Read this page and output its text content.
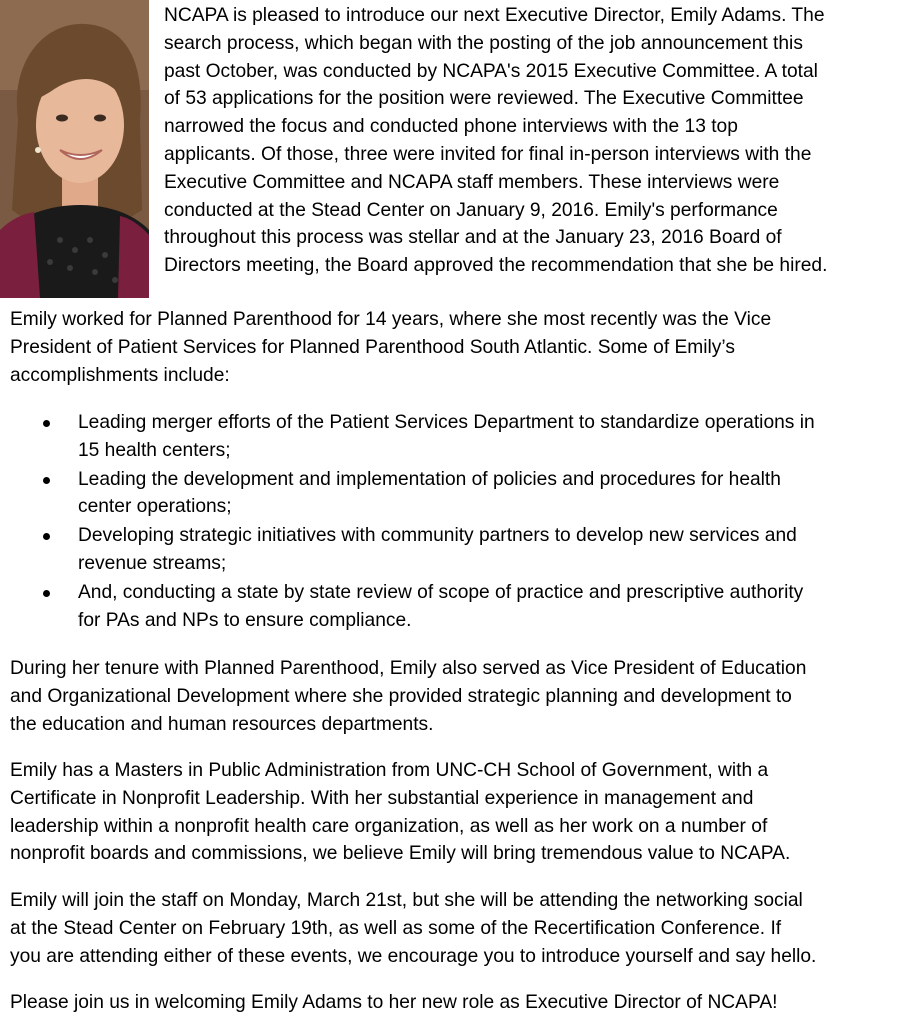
NCAPA is pleased to introduce our next Executive Director, Emily Adams. The
search process, which began with the posting of the job announcement this
past October, was conducted by NCAPA's 2015 Executive Committee. A total
of 53 applications for the position were reviewed. The Executive Committee
narrowed the focus and conducted phone interviews with the 13 top
applicants. Of those, three were invited for final in-person interviews with the
Executive Committee and NCAPA staff members. These interviews were
conducted at the Stead Center on January 9, 2016. Emily's performance
throughout this process was stellar and at the January 23, 2016 Board of
Directors meeting, the Board approved the recommendation that she be hired.

Emily worked for Planned Parenthood for 14 years, where she most recently was the Vice
President of Patient Services for Planned Parenthood South Atlantic. Some of Emily’s
accomplishments include:

Leading merger efforts of the Patient Services Department to standardize operations in
15 health centers;
Leading the development and implementation of policies and procedures for health
center operations;
Developing strategic initiatives with community partners to develop new services and
revenue streams;
And, conducting a state by state review of scope of practice and prescriptive authority
for PAs and NPs to ensure compliance.

During her tenure with Planned Parenthood, Emily also served as Vice President of Education
and Organizational Development where she provided strategic planning and development to
the education and human resources departments.

Emily has a Masters in Public Administration from UNC-CH School of Government, with a
Certificate in Nonprofit Leadership. With her substantial experience in management and
leadership within a nonprofit health care organization, as well as her work on a number of
nonprofit boards and commissions, we believe Emily will bring tremendous value to NCAPA.

Emily will join the staff on Monday, March 21st, but she will be attending the networking social
at the Stead Center on February 19th, as well as some of the Recertification Conference. If
you are attending either of these events, we encourage you to introduce yourself and say hello.

Please join us in welcoming Emily Adams to her new role as Executive Director of NCAPA!
